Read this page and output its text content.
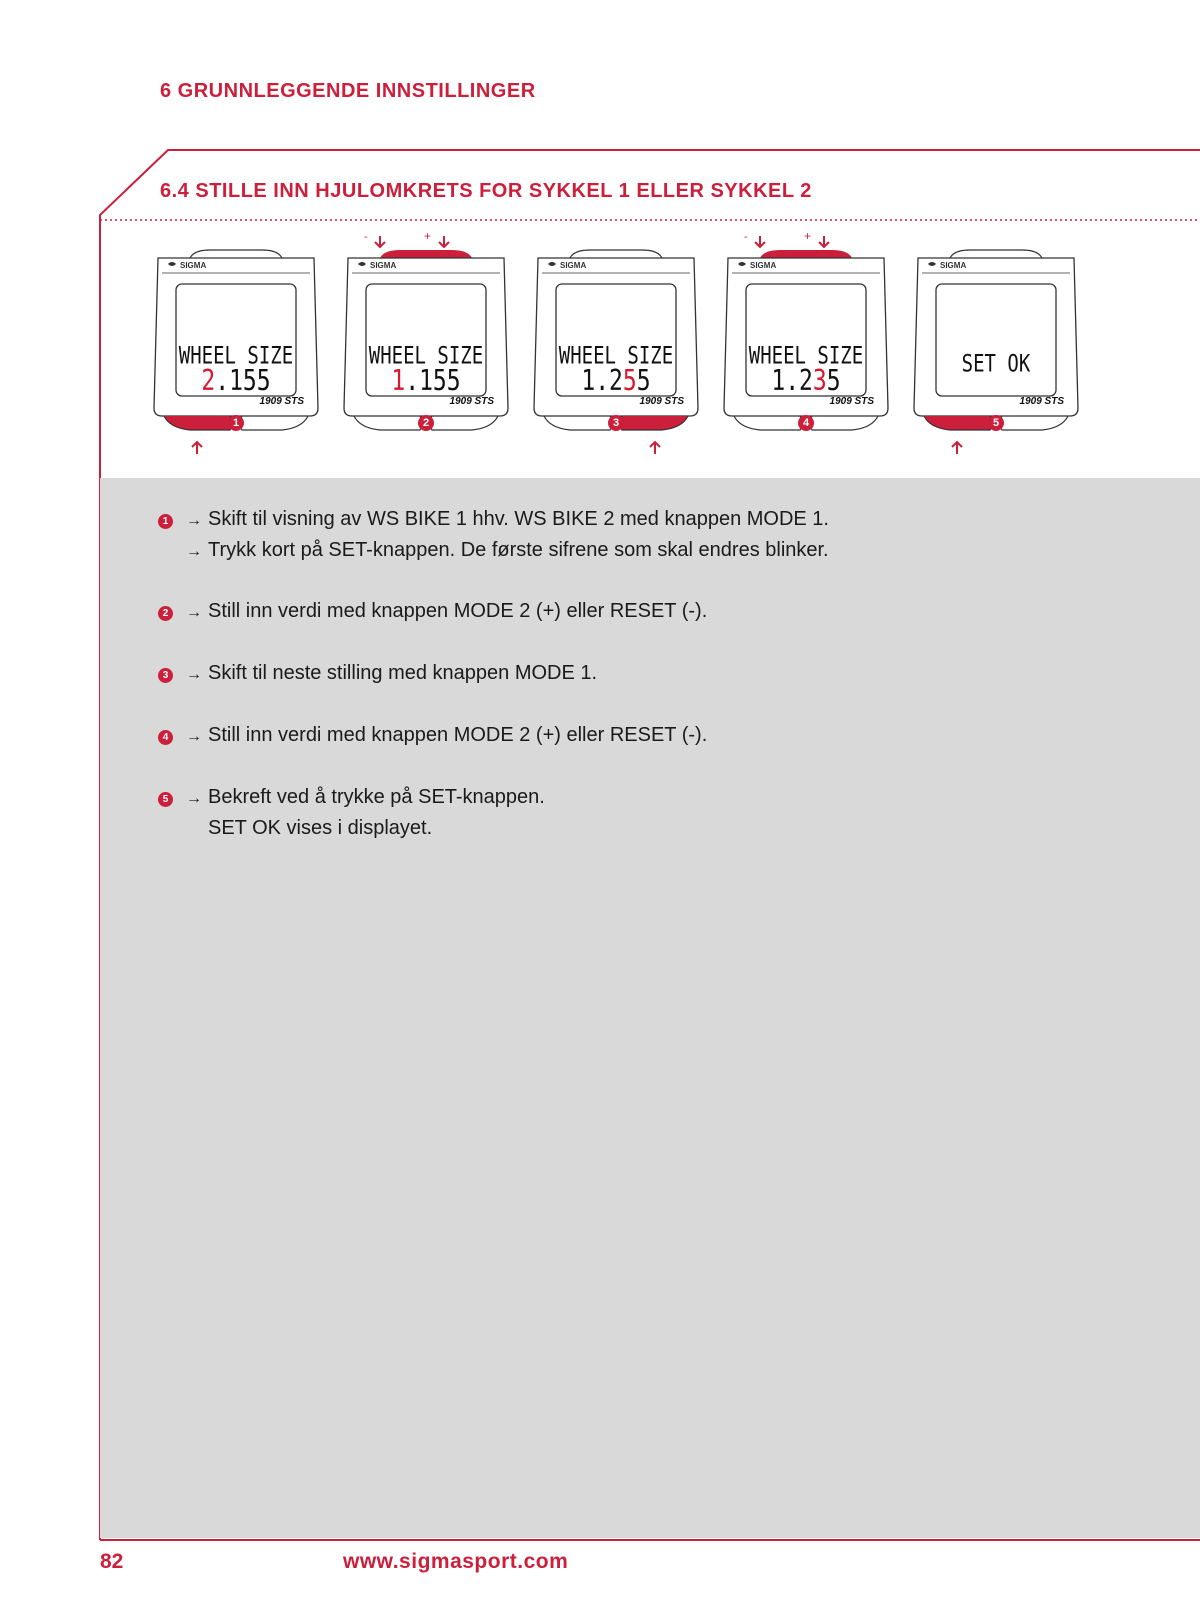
6 GRUNNLEGGENDE INNSTILLINGER
6.4 STILLE INN HJULOMKRETS FOR SYKKEL 1 ELLER SYKKEL 2
SIGMA
WHEEL SIZE
2.155
1909 STS
1
SIGMA
-	+
WHEEL SIZE
1.155
1909 STS
2
SIGMA
WHEEL SIZE
1.255
1909 STS
3
SIGMA
-	+
WHEEL SIZE
1.235
1909 STS
4
SIGMA
SET OK
1909 STS
5
1 → Skift til visning av WS BIKE 1 hhv. WS BIKE 2 med knappen MODE 1.
→ Trykk kort på SET-knappen. De første sifrene som skal endres blinker.
2 → Still inn verdi med knappen MODE 2 (+) eller RESET (-).
3 → Skift til neste stilling med knappen MODE 1.
4 → Still inn verdi med knappen MODE 2 (+) eller RESET (-).
5 → Bekreft ved å trykke på SET-knappen.
SET OK vises i displayet.
82	www.sigmasport.com
